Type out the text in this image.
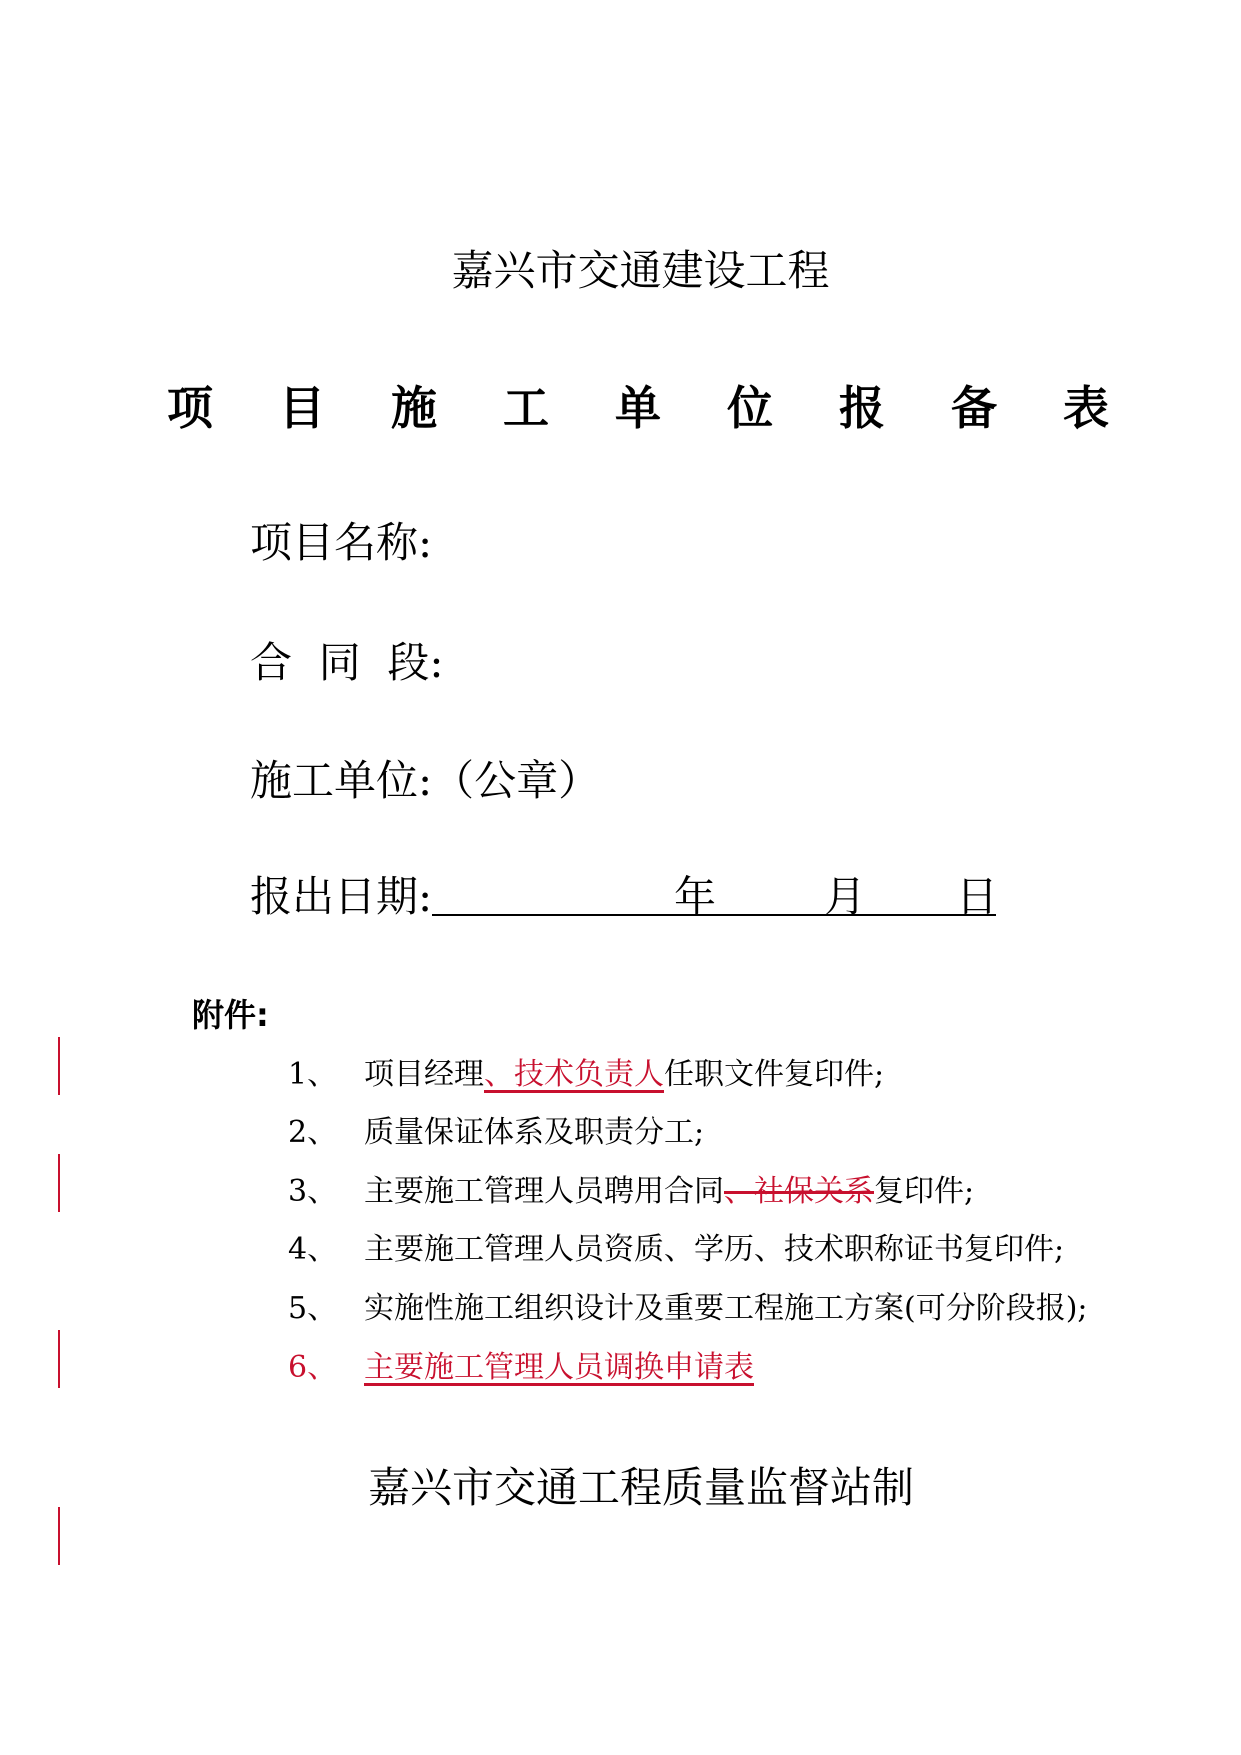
嘉兴市交通建设工程
项 目 施 工 单 位 报 备 表
项目名称:
合  同  段:
施工单位:（公章）
报出日期:	年	月 日
附件:
1、 项目经理、技术负责人任职文件复印件;
2、 质量保证体系及职责分工;
3、 主要施工管理人员聘用合同、社保关系复印件;
4、 主要施工管理人员资质、学历、技术职称证书复印件;
5、 实施性施工组织设计及重要工程施工方案(可分阶段报);
6、 主要施工管理人员调换申请表
嘉兴市交通工程质量监督站制
